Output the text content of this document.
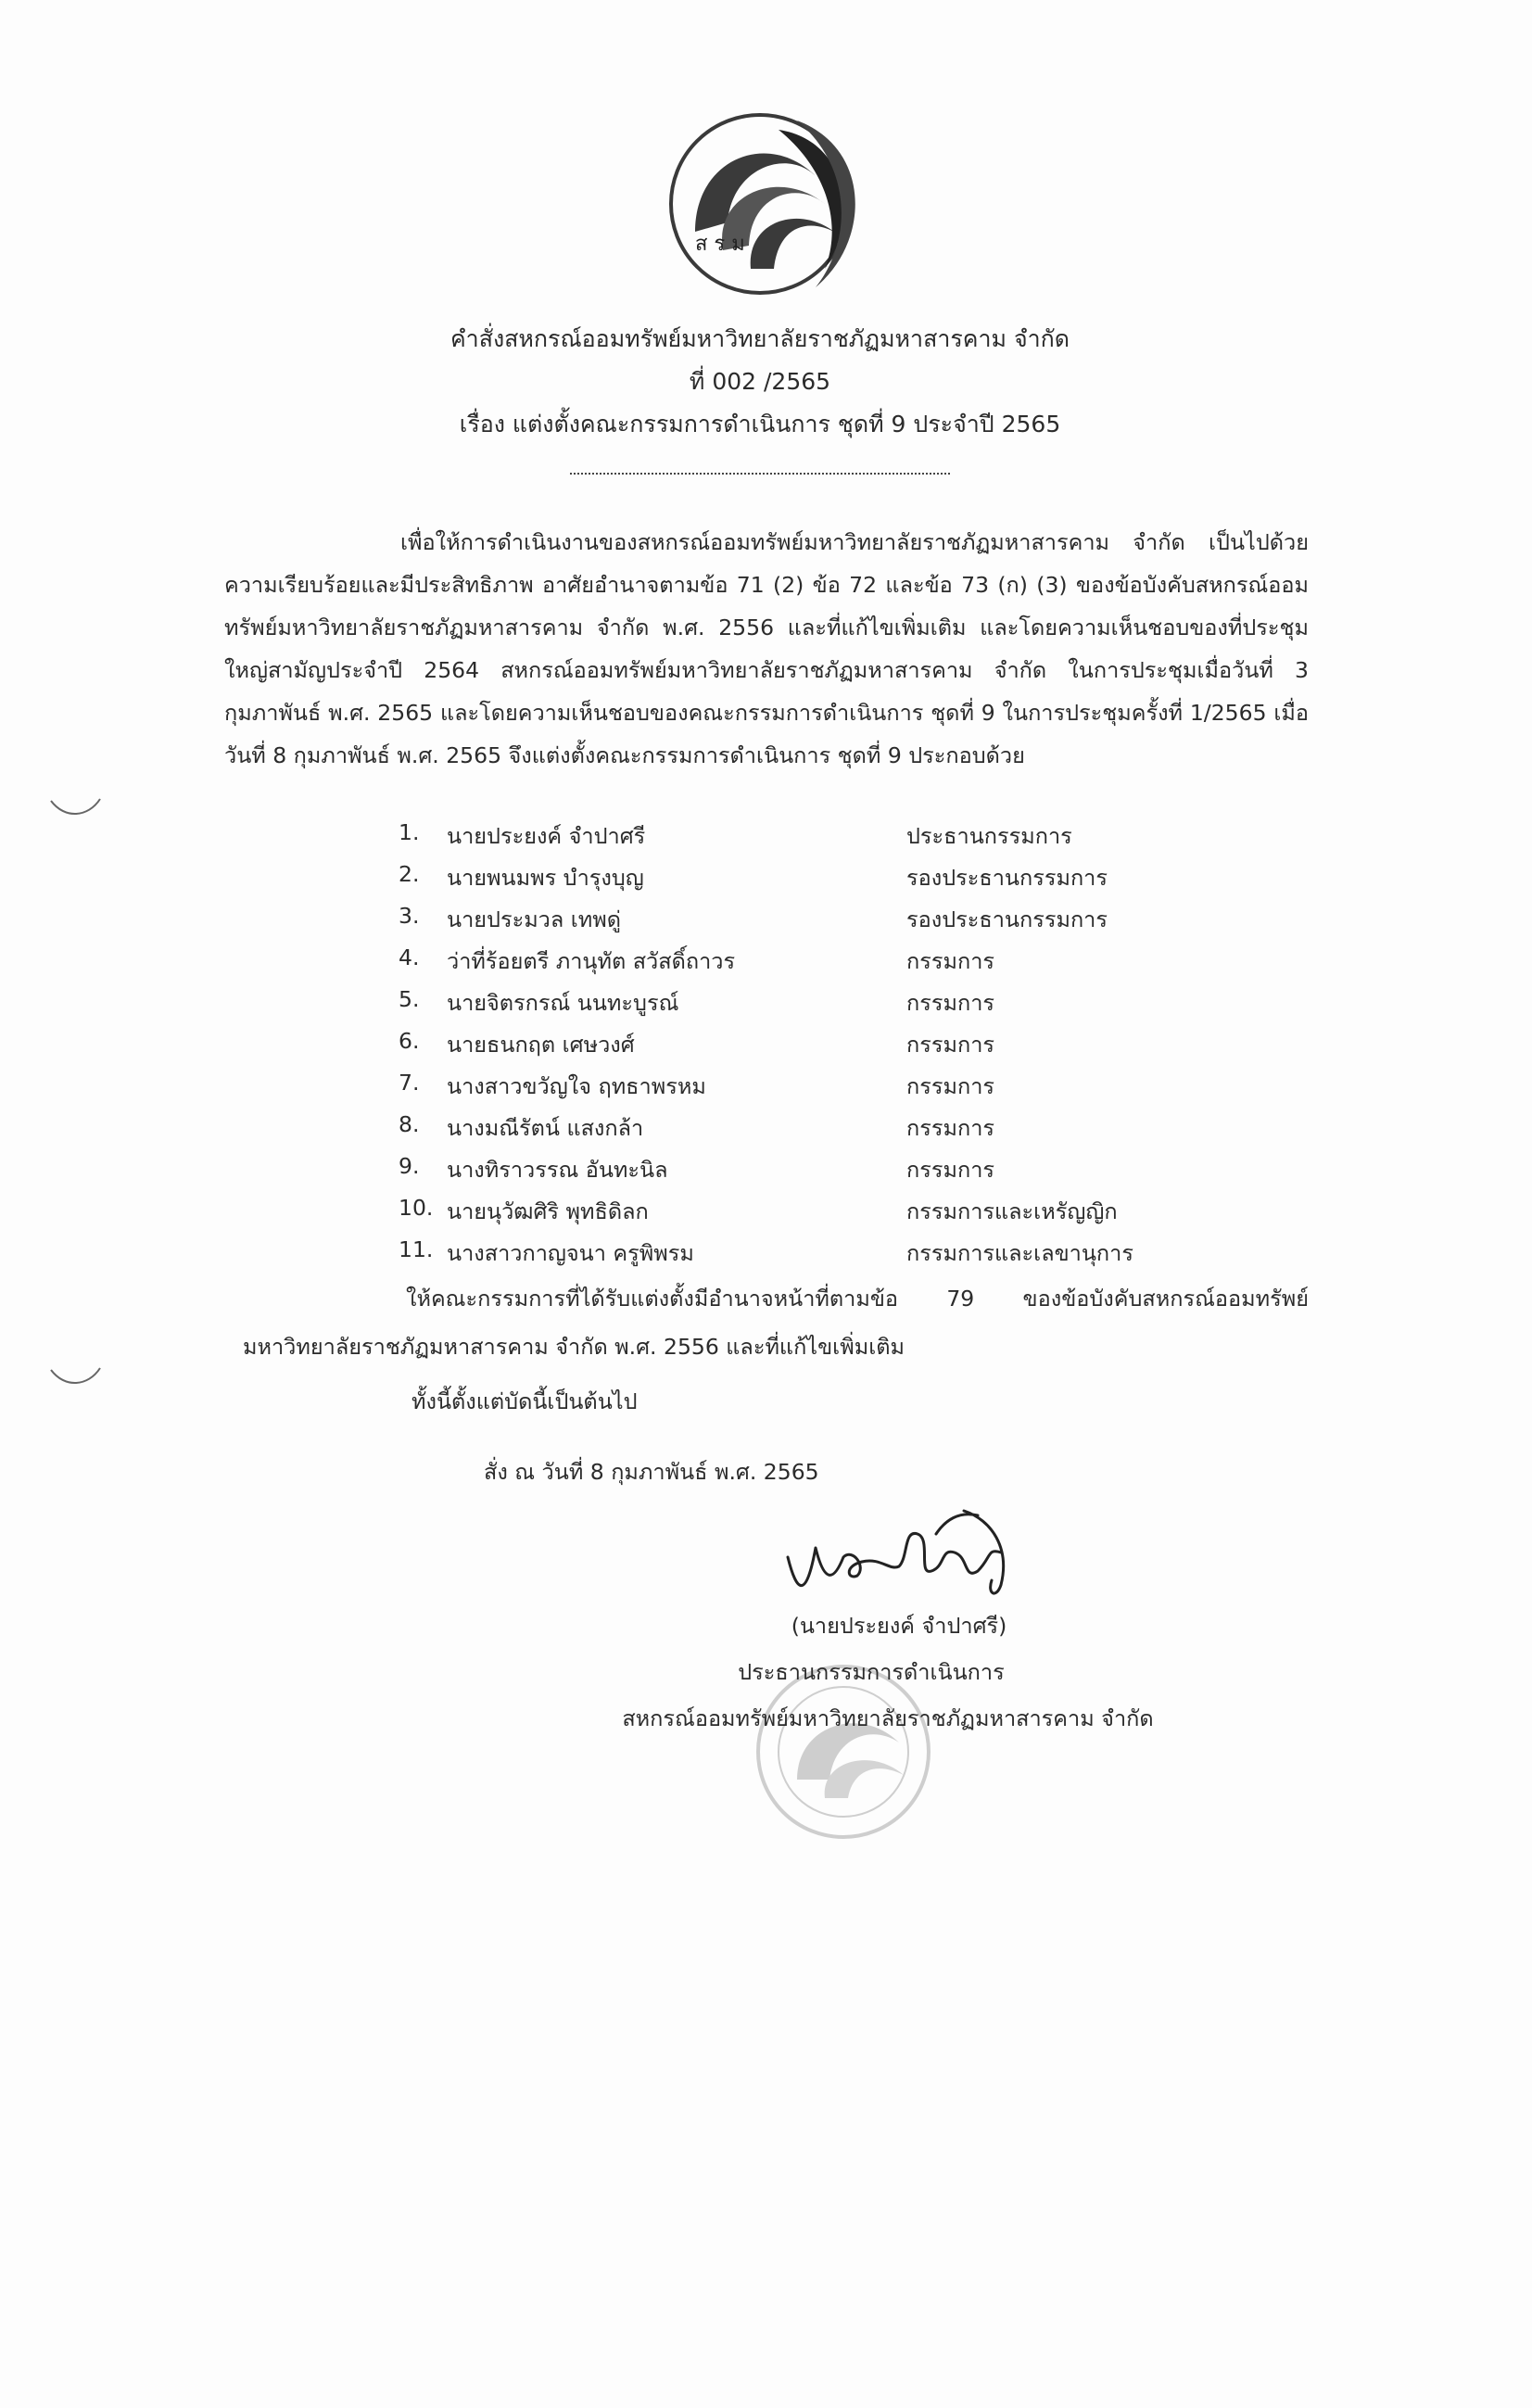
ส ร ม
คำสั่งสหกรณ์ออมทรัพย์มหาวิทยาลัยราชภัฏมหาสารคาม จำกัด
ที่ 002 /2565
เรื่อง แต่งตั้งคณะกรรมการดำเนินการ ชุดที่ 9 ประจำปี 2565
เพื่อให้การดำเนินงานของสหกรณ์ออมทรัพย์มหาวิทยาลัยราชภัฏมหาสารคาม จำกัด เป็นไปด้วยความเรียบร้อยและมีประสิทธิภาพ อาศัยอำนาจตามข้อ 71 (2) ข้อ 72 และข้อ 73 (ก) (3) ของข้อบังคับสหกรณ์ออมทรัพย์มหาวิทยาลัยราชภัฏมหาสารคาม จำกัด พ.ศ. 2556 และที่แก้ไขเพิ่มเติม และโดยความเห็นชอบของที่ประชุมใหญ่สามัญประจำปี 2564 สหกรณ์ออมทรัพย์มหาวิทยาลัยราชภัฏมหาสารคาม จำกัด ในการประชุมเมื่อวันที่ 3 กุมภาพันธ์ พ.ศ. 2565 และโดยความเห็นชอบของคณะกรรมการดำเนินการ ชุดที่ 9 ในการประชุมครั้งที่ 1/2565 เมื่อวันที่ 8 กุมภาพันธ์ พ.ศ. 2565 จึงแต่งตั้งคณะกรรมการดำเนินการ ชุดที่ 9 ประกอบด้วย
1.	นายประยงค์ จำปาศรี	ประธานกรรมการ
2.	นายพนมพร บำรุงบุญ	รองประธานกรรมการ
3.	นายประมวล เทพดู่	รองประธานกรรมการ
4.	ว่าที่ร้อยตรี ภานุทัต สวัสดิ์ถาวร	กรรมการ
5.	นายจิตรกรณ์ นนทะบูรณ์	กรรมการ
6.	นายธนกฤต เศษวงศ์	กรรมการ
7.	นางสาวขวัญใจ ฤทธาพรหม	กรรมการ
8.	นางมณีรัตน์ แสงกล้า	กรรมการ
9.	นางทิราวรรณ อันทะนิล	กรรมการ
10. นายนุวัฒศิริ พุทธิดิลก	กรรมการและเหรัญญิก
11. นางสาวกาญจนา ครูพิพรม	กรรมการและเลขานุการ
ให้คณะกรรมการที่ได้รับแต่งตั้งมีอำนาจหน้าที่ตามข้อ 79 ของข้อบังคับสหกรณ์ออมทรัพย์มหาวิทยาลัยราชภัฏมหาสารคาม จำกัด พ.ศ. 2556 และที่แก้ไขเพิ่มเติม
ทั้งนี้ตั้งแต่บัดนี้เป็นต้นไป
สั่ง ณ วันที่ 8 กุมภาพันธ์ พ.ศ. 2565
(นายประยงค์ จำปาศรี)
ประธานกรรมการดำเนินการ
สหกรณ์ออมทรัพย์มหาวิทยาลัยราชภัฏมหาสารคาม จำกัด
